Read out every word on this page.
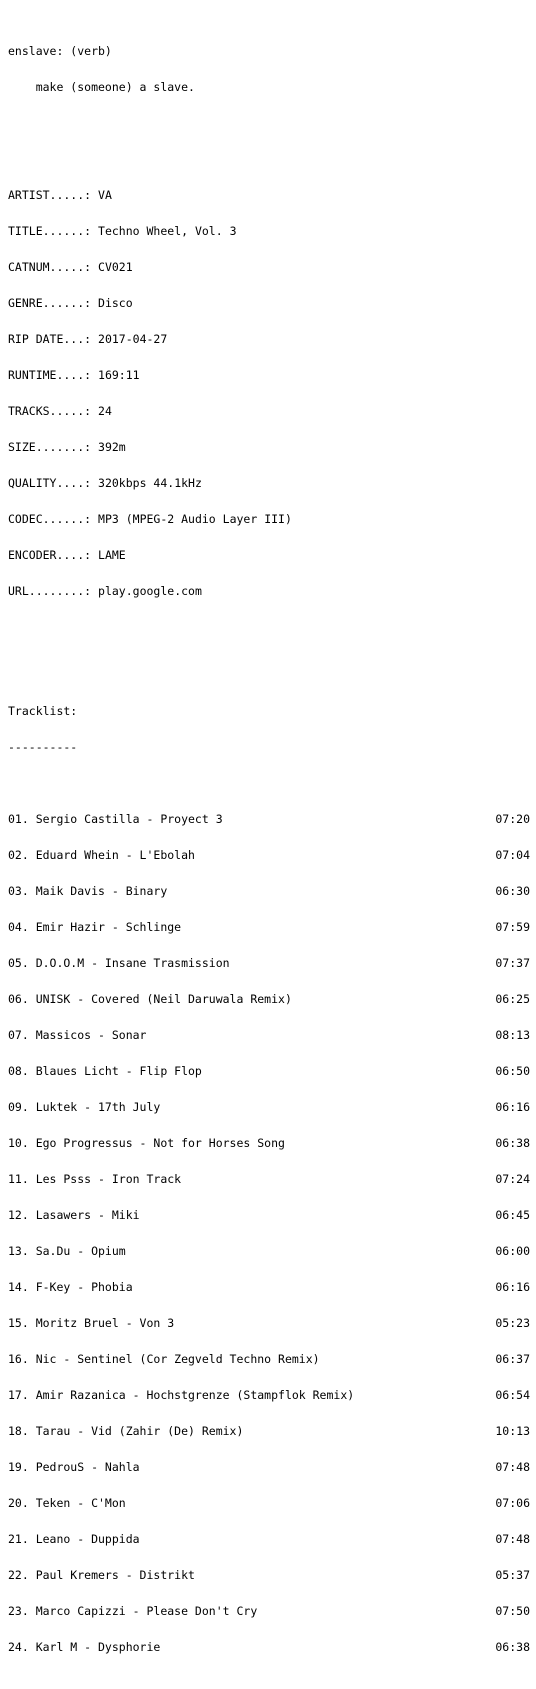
enslave: (verb)

make (someone) a slave.

ARTIST.....: VA

TITLE......: Techno Wheel, Vol. 3

CATNUM.....: CV021

GENRE......: Disco

RIP DATE...: 2017-04-27

RUNTIME....: 169:11

TRACKS.....: 24

SIZE.......: 392m

QUALITY....: 320kbps 44.1kHz

CODEC......: MP3 (MPEG-2 Audio Layer III)

ENCODER....: LAME

URL........: play.google.com

Tracklist:

----------

01. Sergio Castilla - Proyect 3	07:20

02. Eduard Whein - L'Ebolah	07:04

03. Maik Davis - Binary	06:30

04. Emir Hazir - Schlinge	07:59

05. D.O.O.M - Insane Trasmission	07:37

06. UNISK - Covered (Neil Daruwala Remix)	06:25

07. Massicos - Sonar	08:13

08. Blaues Licht - Flip Flop	06:50

09. Luktek - 17th July	06:16

10. Ego Progressus - Not for Horses Song	06:38

11. Les Psss - Iron Track	07:24

12. Lasawers - Miki	06:45

13. Sa.Du - Opium	06:00

14. F-Key - Phobia	06:16

15. Moritz Bruel - Von 3	05:23

16. Nic - Sentinel (Cor Zegveld Techno Remix)	06:37

17. Amir Razanica - Hochstgrenze (Stampflok Remix)	06:54

18. Tarau - Vid (Zahir (De) Remix)	10:13

19. PedrouS - Nahla	07:48

20. Teken - C'Mon	07:06

21. Leano - Duppida	07:48

22. Paul Kremers - Distrikt	05:37

23. Marco Capizzi - Please Don't Cry	07:50

24. Karl M - Dysphorie	06:38
